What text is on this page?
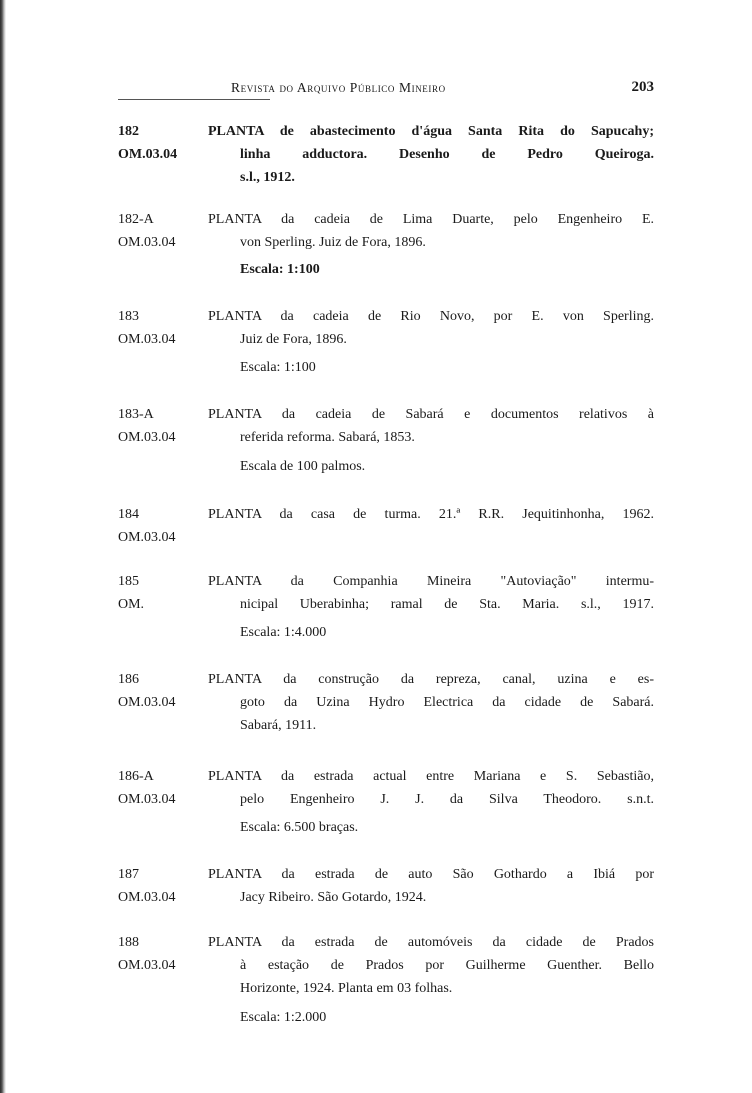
Revista do Arquivo Público Mineiro	203
182
OM.03.04
PLANTA de abastecimento d'água Santa Rita do Sapucahy;
linha adductora. Desenho de Pedro Queiroga.
s.l., 1912.
182-A
OM.03.04
PLANTA da cadeia de Lima Duarte, pelo Engenheiro E.
von Sperling. Juiz de Fora, 1896.
Escala: 1:100
183
OM.03.04
PLANTA da cadeia de Rio Novo, por E. von Sperling.
Juiz de Fora, 1896.
Escala: 1:100
183-A
OM.03.04
PLANTA da cadeia de Sabará e documentos relativos à
referida reforma. Sabará, 1853.
Escala de 100 palmos.
184
OM.03.04
PLANTA da casa de turma. 21.ª R.R. Jequitinhonha, 1962.
185
OM.
PLANTA da Companhia Mineira "Autoviação" intermu-
nicipal Uberabinha; ramal de Sta. Maria. s.l., 1917.
Escala: 1:4.000
186
OM.03.04
PLANTA da construção da repreza, canal, uzina e es-
goto da Uzina Hydro Electrica da cidade de Sabará.
Sabará, 1911.
186-A
OM.03.04
PLANTA da estrada actual entre Mariana e S. Sebastião,
pelo Engenheiro J. J. da Silva Theodoro. s.n.t.
Escala: 6.500 braças.
187
OM.03.04
PLANTA da estrada de auto São Gothardo a Ibiá por
Jacy Ribeiro. São Gotardo, 1924.
188
OM.03.04
PLANTA da estrada de automóveis da cidade de Prados
à estação de Prados por Guilherme Guenther. Bello
Horizonte, 1924. Planta em 03 folhas.
Escala: 1:2.000
